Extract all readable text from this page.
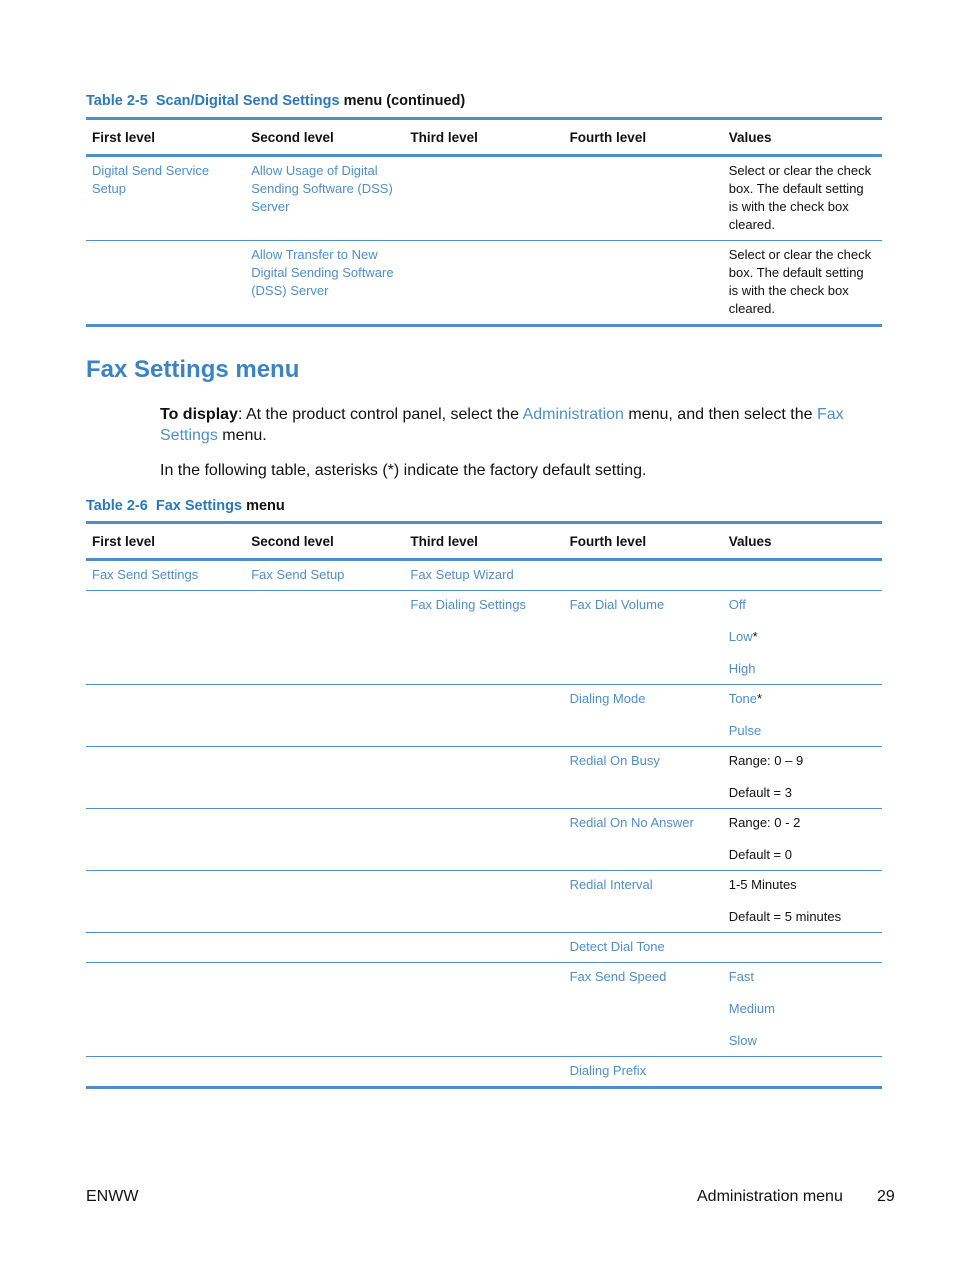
Table 2-5 Scan/Digital Send Settings menu (continued)
First level	Second level	Third level	Fourth level	Values
Digital Send Service Setup	Allow Usage of Digital Sending Software (DSS) Server			Select or clear the check box. The default setting is with the check box cleared.
	Allow Transfer to New Digital Sending Software (DSS) Server			Select or clear the check box. The default setting is with the check box cleared.
Fax Settings menu

To display: At the product control panel, select the Administration menu, and then select the Fax Settings menu.

In the following table, asterisks (*) indicate the factory default setting.

Table 2-6 Fax Settings menu
First level	Second level	Third level	Fourth level	Values
Fax Send Settings	Fax Send Setup	Fax Setup Wizard		
		Fax Dialing Settings	Fax Dial Volume	Off
Low*
High

			Dialing Mode	Tone*
Pulse

			Redial On Busy	Range: 0 – 9
Default = 3

			Redial On No Answer	Range: 0 - 2
Default = 0

			Redial Interval	1-5 Minutes
Default = 5 minutes

			Detect Dial Tone	
			Fax Send Speed	Fast
Medium
Slow

			Dialing Prefix	
ENWW	Administration menu 29
